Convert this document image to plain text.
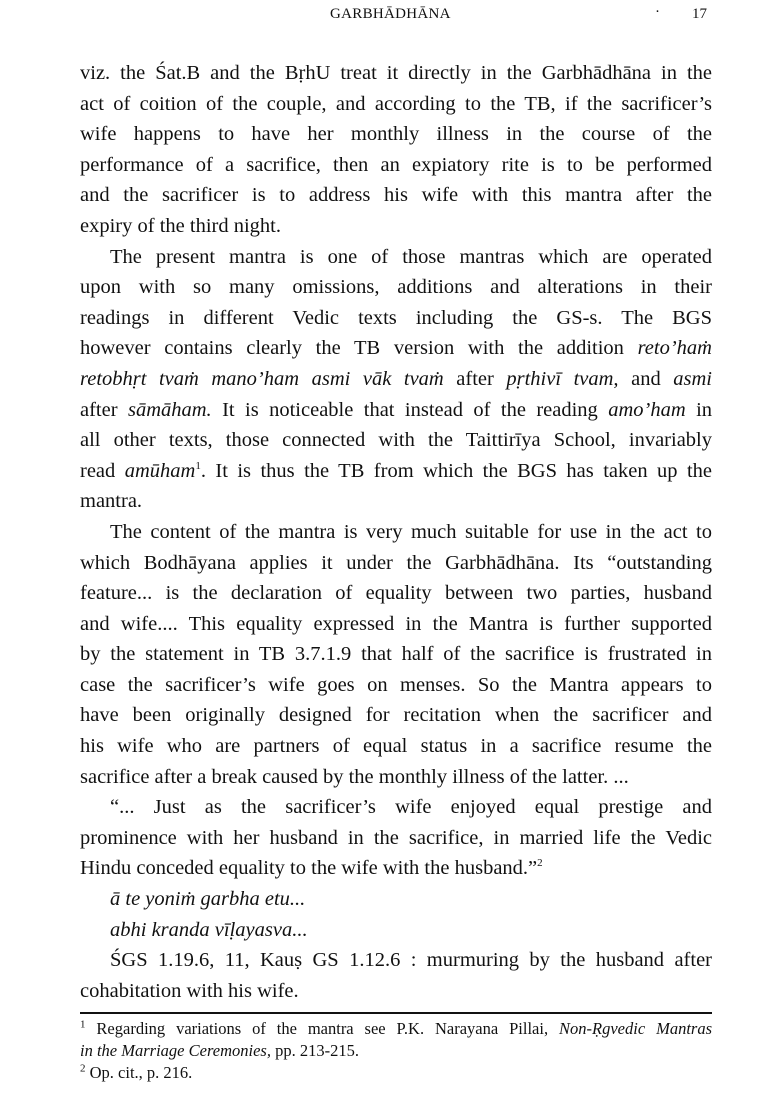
GARBHĀDHĀNA	· 17
viz. the Śat.B and the BṛhU treat it directly in the Garbhādhāna in the
act of coition of the couple, and according to the TB, if the sacrificer’s
wife happens to have her monthly illness in the course of the
performance of a sacrifice, then an expiatory rite is to be performed
and the sacrificer is to address his wife with this mantra after the
expiry of the third night.
The present mantra is one of those mantras which are operated
upon with so many omissions, additions and alterations in their
readings in different Vedic texts including the GS-s. The BGS
however contains clearly the TB version with the addition reto’haṁ
retobhṛt tvaṁ mano’ham asmi vāk tvaṁ after pṛthivī tvam, and asmi
after sāmāham. It is noticeable that instead of the reading amo’ham in
all other texts, those connected with the Taittirīya School, invariably
read amūham$^1$. It is thus the TB from which the BGS has taken up the
mantra.
The content of the mantra is very much suitable for use in the act to
which Bodhāyana applies it under the Garbhādhāna. Its “outstanding
feature... is the declaration of equality between two parties, husband
and wife.... This equality expressed in the Mantra is further supported
by the statement in TB 3.7.1.9 that half of the sacrifice is frustrated in
case the sacrificer’s wife goes on menses. So the Mantra appears to
have been originally designed for recitation when the sacrificer and
his wife who are partners of equal status in a sacrifice resume the
sacrifice after a break caused by the monthly illness of the latter. ...
“... Just as the sacrificer’s wife enjoyed equal prestige and
prominence with her husband in the sacrifice, in married life the Vedic
Hindu conceded equality to the wife with the husband.”$^2$
ā te yoniṁ garbha etu...
abhi kranda vīḷayasva...
ŚGS 1.19.6, 11, Kauṣ GS 1.12.6 : murmuring by the husband after
cohabitation with his wife.
$^1$ Regarding variations of the mantra see P.K. Narayana Pillai, Non-Ṛgvedic Mantras
in the Marriage Ceremonies, pp. 213-215.
$^2$ Op. cit., p. 216.
